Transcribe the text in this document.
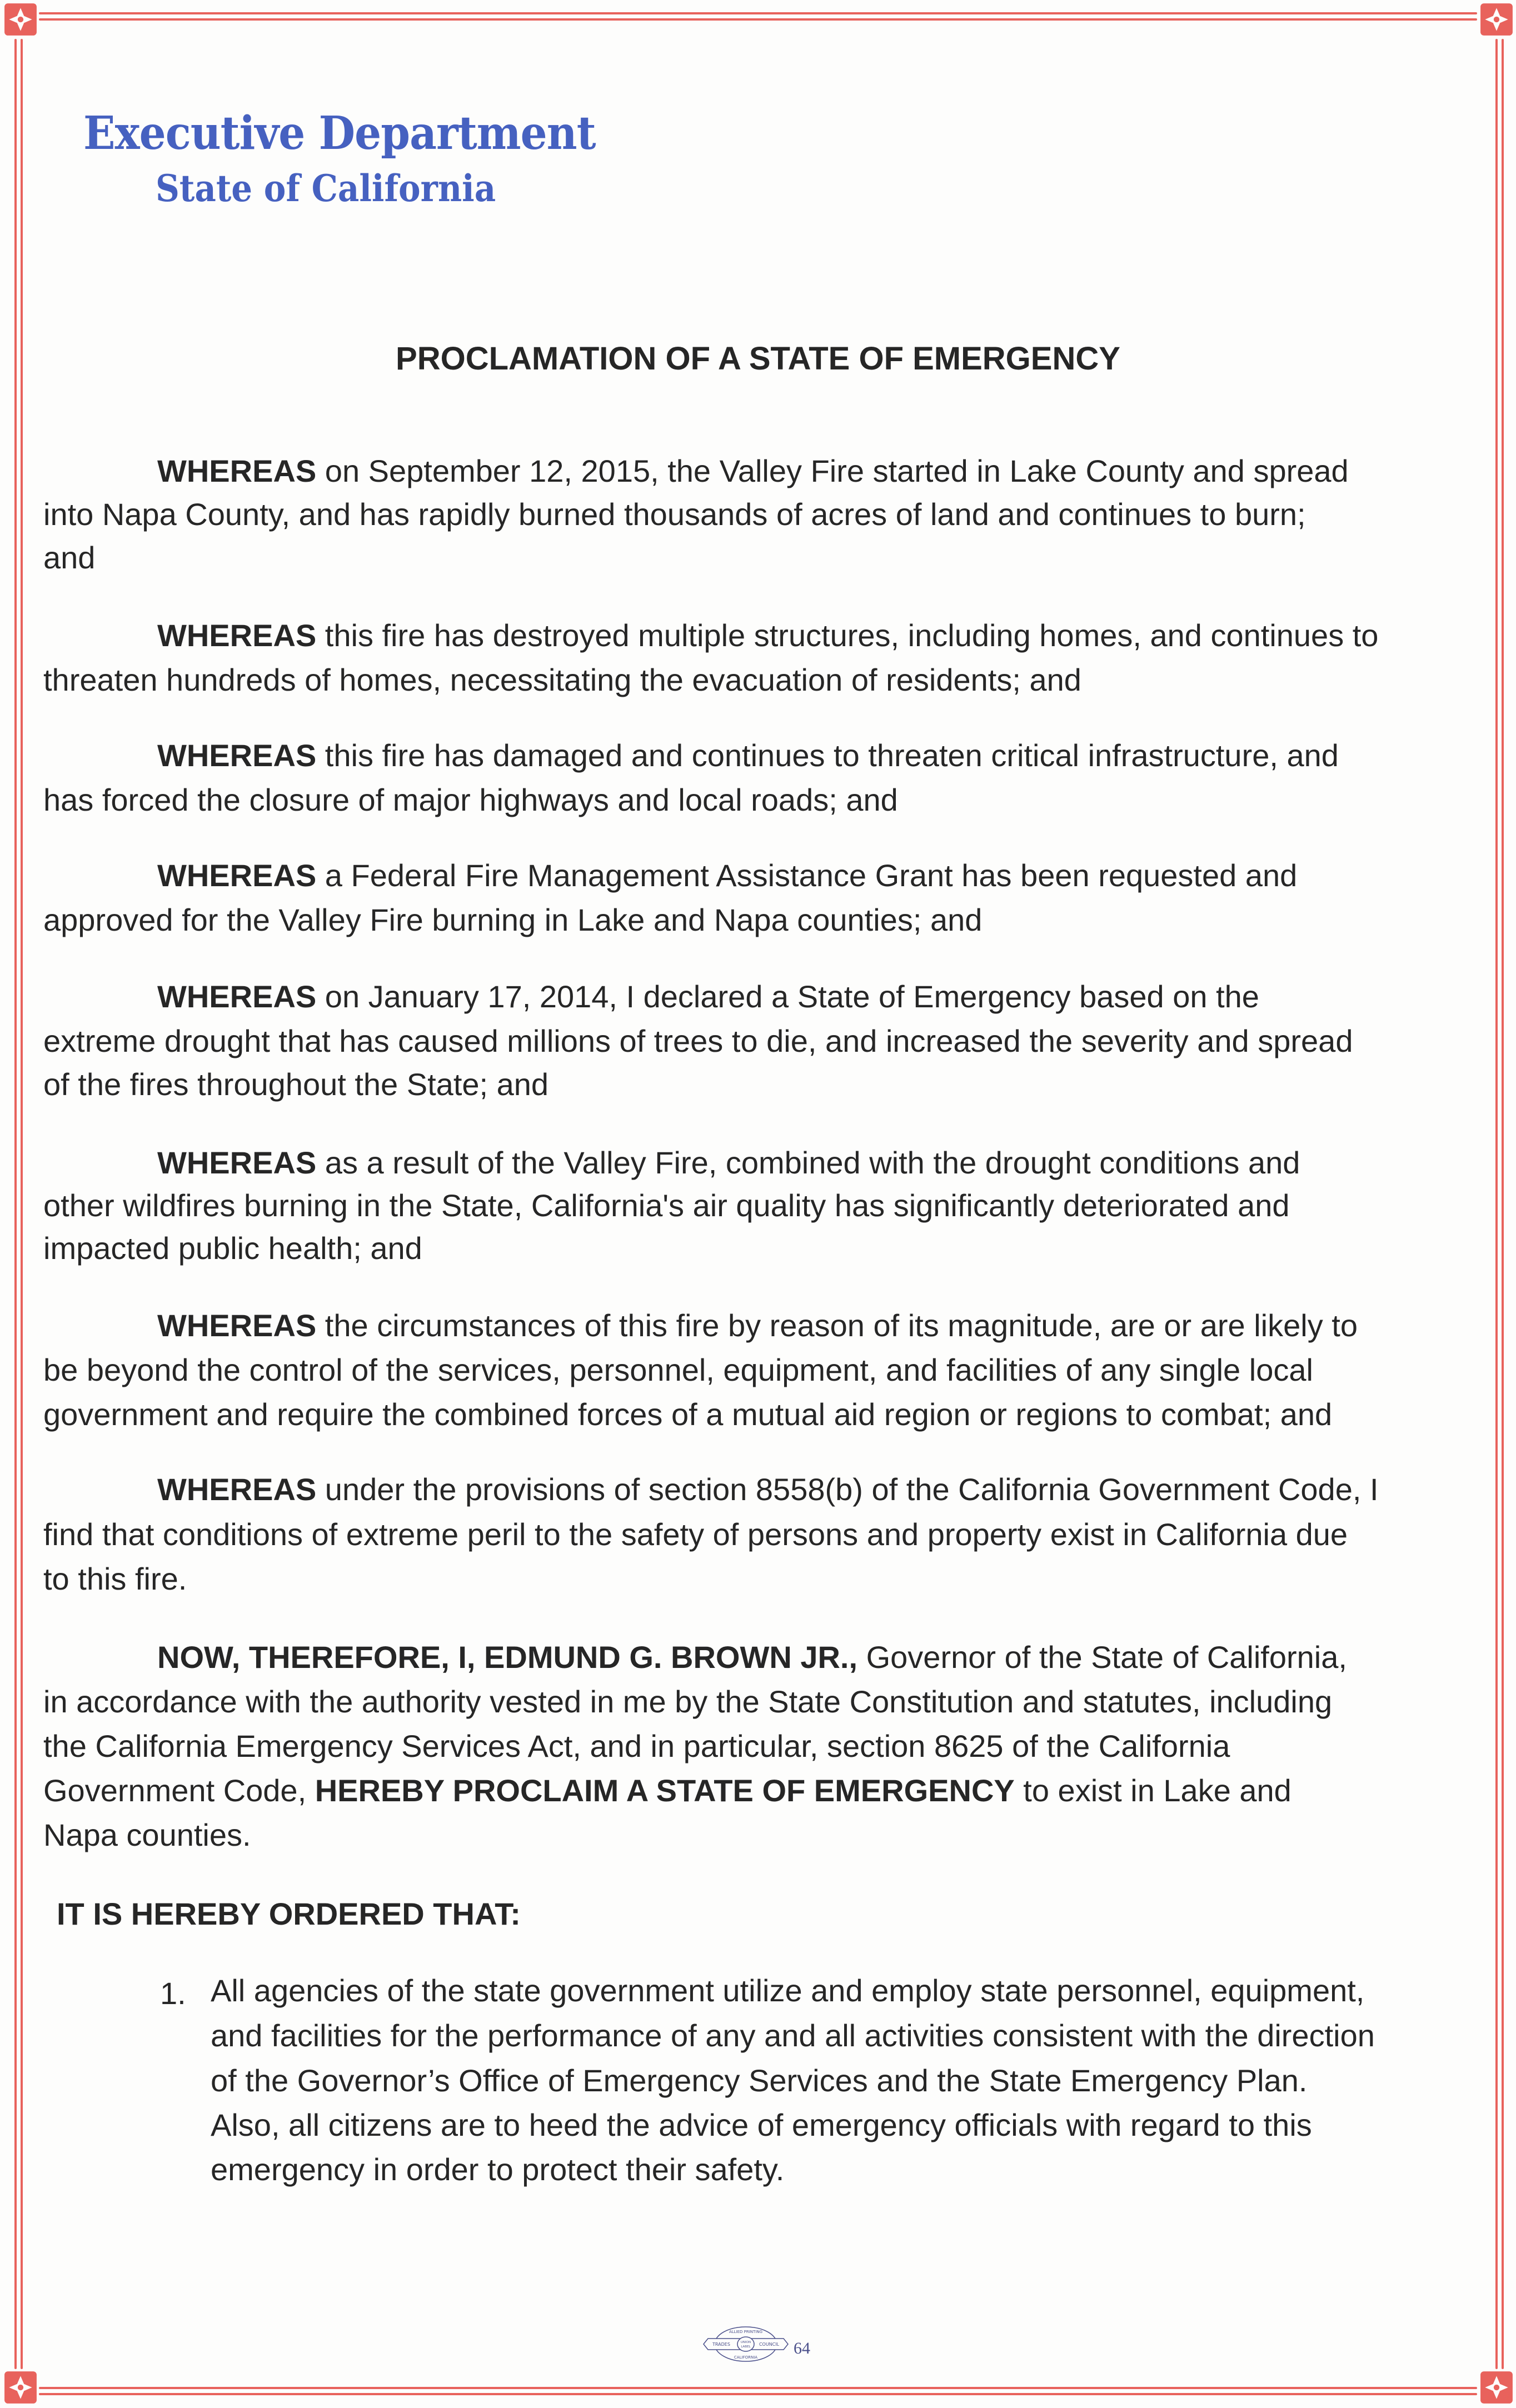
Executive Department
State of California
PROCLAMATION OF A STATE OF EMERGENCY
WHEREAS on September 12, 2015, the Valley Fire started in Lake County and spread
into Napa County, and has rapidly burned thousands of acres of land and continues to burn;
and
WHEREAS this fire has destroyed multiple structures, including homes, and continues to
threaten hundreds of homes, necessitating the evacuation of residents; and
WHEREAS this fire has damaged and continues to threaten critical infrastructure, and
has forced the closure of major highways and local roads; and
WHEREAS a Federal Fire Management Assistance Grant has been requested and
approved for the Valley Fire burning in Lake and Napa counties; and
WHEREAS on January 17, 2014, I declared a State of Emergency based on the
extreme drought that has caused millions of trees to die, and increased the severity and spread
of the fires throughout the State; and
WHEREAS as a result of the Valley Fire, combined with the drought conditions and
other wildfires burning in the State, California's air quality has significantly deteriorated and
impacted public health; and
WHEREAS the circumstances of this fire by reason of its magnitude, are or are likely to
be beyond the control of the services, personnel, equipment, and facilities of any single local
government and require the combined forces of a mutual aid region or regions to combat; and
WHEREAS under the provisions of section 8558(b) of the California Government Code, I
find that conditions of extreme peril to the safety of persons and property exist in California due
to this fire.
NOW, THEREFORE, I, EDMUND G. BROWN JR., Governor of the State of California,
in accordance with the authority vested in me by the State Constitution and statutes, including
the California Emergency Services Act, and in particular, section 8625 of the California
Government Code, HEREBY PROCLAIM A STATE OF EMERGENCY to exist in Lake and
Napa counties.
IT IS HEREBY ORDERED THAT:
1. All agencies of the state government utilize and employ state personnel, equipment,
and facilities for the performance of any and all activities consistent with the direction
of the Governor’s Office of Emergency Services and the State Emergency Plan.
Also, all citizens are to heed the advice of emergency officials with regard to this
emergency in order to protect their safety.
ALLIED PRINTING
TRADES	UNION
LABEL COUNCIL
CALIFORNIA 64
